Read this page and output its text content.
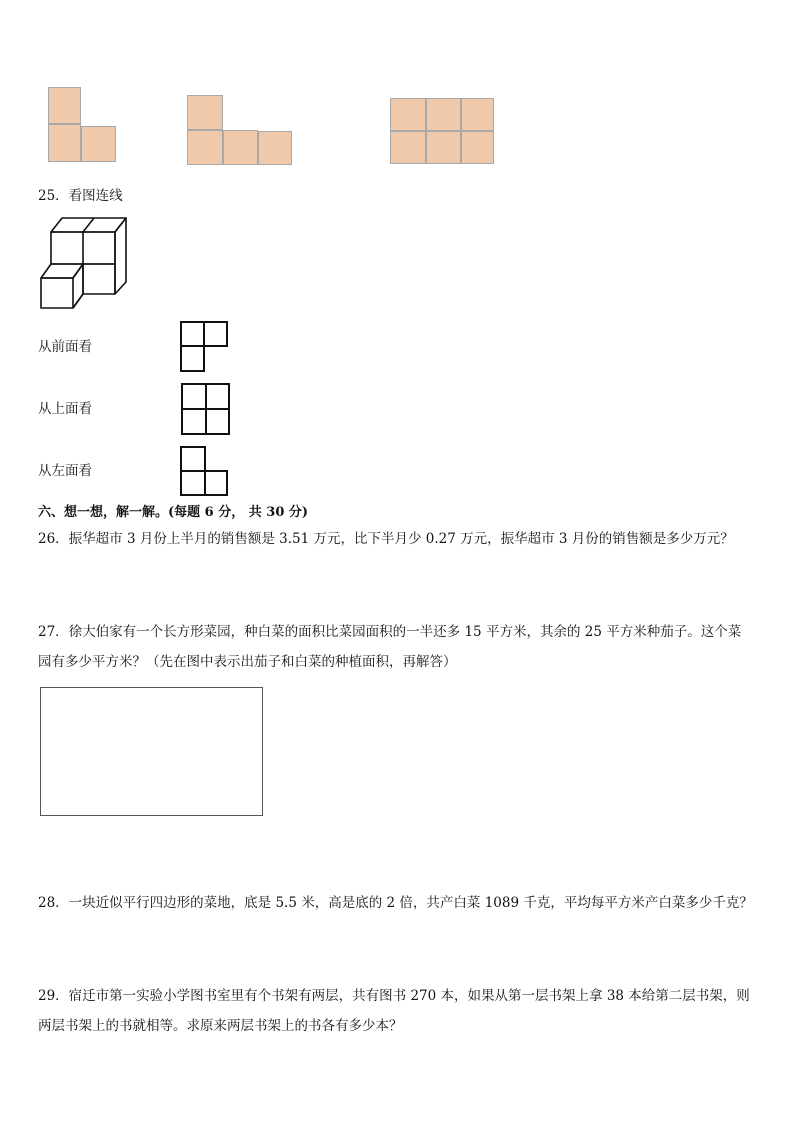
25．看图连线
从前面看
从上面看
从左面看
六、想一想，解一解。(每题 6 分， 共 30 分)
26．振华超市 3 月份上半月的销售额是 3.51 万元，比下半月少 0.27 万元，振华超市 3 月份的销售额是多少万元？
27．徐大伯家有一个长方形菜园，种白菜的面积比菜园面积的一半还多 15 平方米，其余的 25 平方米种茄子。这个菜
园有多少平方米？（先在图中表示出茄子和白菜的种植面积，再解答）
28．一块近似平行四边形的菜地，底是 5.5 米，高是底的 2 倍，共产白菜 1089 千克，平均每平方米产白菜多少千克？
29．宿迁市第一实验小学图书室里有个书架有两层，共有图书 270 本，如果从第一层书架上拿 38 本给第二层书架，则
两层书架上的书就相等。求原来两层书架上的书各有多少本？
